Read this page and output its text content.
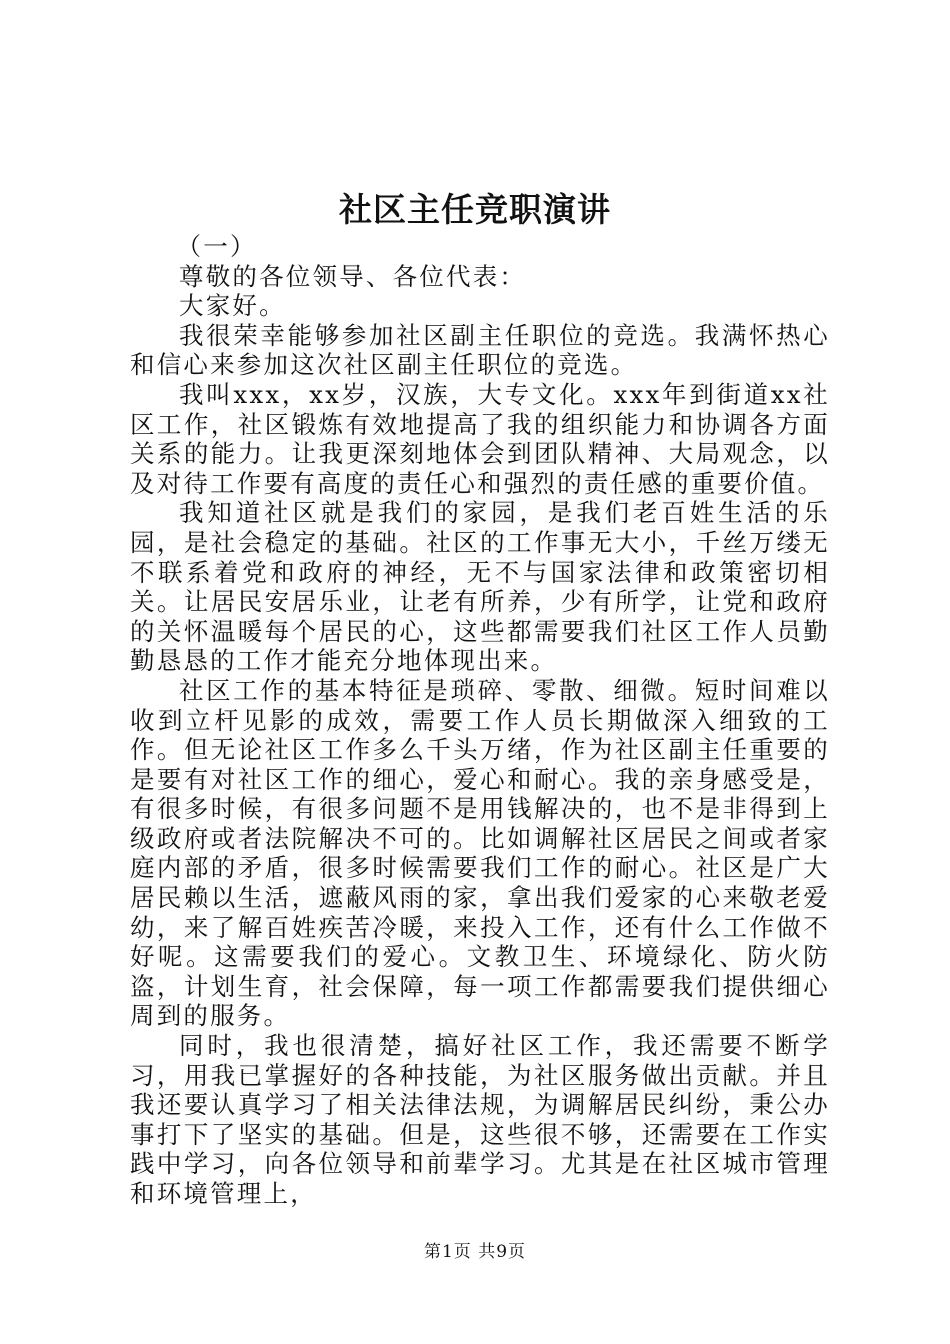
社区主任竞职演讲

（一）

尊敬的各位领导、各位代表：

大家好。

我很荣幸能够参加社区副主任职位的竞选。我满怀热心和信心来参加这次社区副主任职位的竞选。

我叫xxx，xx岁，汉族，大专文化。xxx年到街道xx社区工作，社区锻炼有效地提高了我的组织能力和协调各方面关系的能力。让我更深刻地体会到团队精神、大局观念，以及对待工作要有高度的责任心和强烈的责任感的重要价值。

我知道社区就是我们的家园，是我们老百姓生活的乐园，是社会稳定的基础。社区的工作事无大小，千丝万缕无不联系着党和政府的神经，无不与国家法律和政策密切相关。让居民安居乐业，让老有所养，少有所学，让党和政府的关怀温暖每个居民的心，这些都需要我们社区工作人员勤勤恳恳的工作才能充分地体现出来。

社区工作的基本特征是琐碎、零散、细微。短时间难以收到立杆见影的成效，需要工作人员长期做深入细致的工作。但无论社区工作多么千头万绪，作为社区副主任重要的是要有对社区工作的细心，爱心和耐心。我的亲身感受是，有很多时候，有很多问题不是用钱解决的，也不是非得到上级政府或者法院解决不可的。比如调解社区居民之间或者家庭内部的矛盾，很多时候需要我们工作的耐心。社区是广大居民赖以生活，遮蔽风雨的家，拿出我们爱家的心来敬老爱幼，来了解百姓疾苦冷暖，来投入工作，还有什么工作做不好呢。这需要我们的爱心。文教卫生、环境绿化、防火防盗，计划生育，社会保障，每一项工作都需要我们提供细心周到的服务。

同时，我也很清楚，搞好社区工作，我还需要不断学习，用我已掌握好的各种技能，为社区服务做出贡献。并且我还要认真学习了相关法律法规，为调解居民纠纷，秉公办事打下了坚实的基础。但是，这些很不够，还需要在工作实践中学习，向各位领导和前辈学习。尤其是在社区城市管理和环境管理上，

第1页 共9页
